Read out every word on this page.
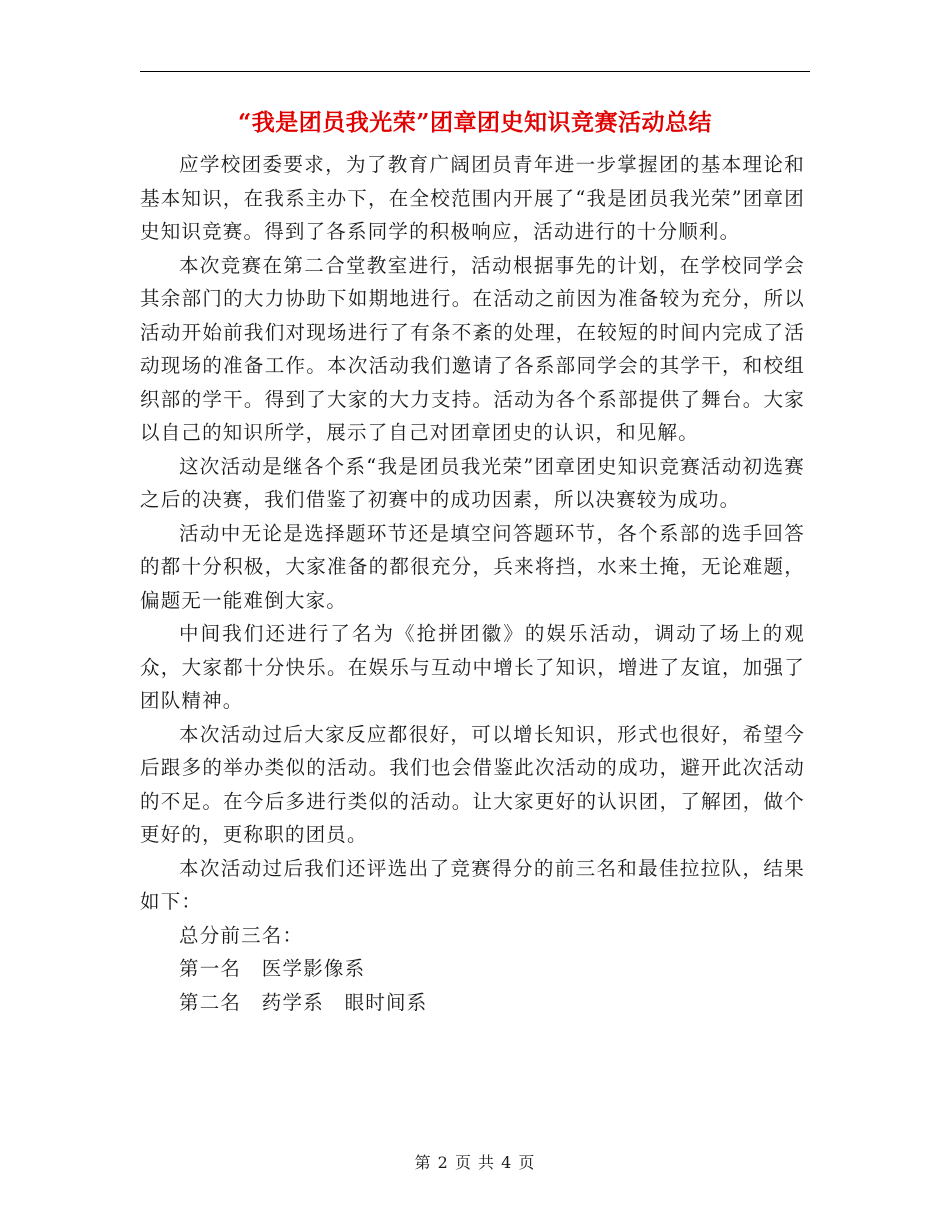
“我是团员我光荣”团章团史知识竞赛活动总结

应学校团委要求，为了教育广阔团员青年进一步掌握团的基本理论和基本知识，在我系主办下，在全校范围内开展了“我是团员我光荣”团章团史知识竞赛。得到了各系同学的积极响应，活动进行的十分顺利。

本次竞赛在第二合堂教室进行，活动根据事先的计划，在学校同学会其余部门的大力协助下如期地进行。在活动之前因为准备较为充分，所以活动开始前我们对现场进行了有条不紊的处理，在较短的时间内完成了活动现场的准备工作。本次活动我们邀请了各系部同学会的其学干，和校组织部的学干。得到了大家的大力支持。活动为各个系部提供了舞台。大家以自己的知识所学，展示了自己对团章团史的认识，和见解。

这次活动是继各个系“我是团员我光荣”团章团史知识竞赛活动初选赛之后的决赛，我们借鉴了初赛中的成功因素，所以决赛较为成功。

活动中无论是选择题环节还是填空问答题环节，各个系部的选手回答的都十分积极，大家准备的都很充分，兵来将挡，水来土掩，无论难题，偏题无一能难倒大家。

中间我们还进行了名为《抢拼团徽》的娱乐活动，调动了场上的观众，大家都十分快乐。在娱乐与互动中增长了知识，增进了友谊，加强了团队精神。

本次活动过后大家反应都很好，可以增长知识，形式也很好，希望今后跟多的举办类似的活动。我们也会借鉴此次活动的成功，避开此次活动的不足。在今后多进行类似的活动。让大家更好的认识团，了解团，做个更好的，更称职的团员。

本次活动过后我们还评选出了竞赛得分的前三名和最佳拉拉队，结果如下：

总分前三名：

第一名　医学影像系

第二名　药学系　眼时间系

第 2 页 共 4 页
